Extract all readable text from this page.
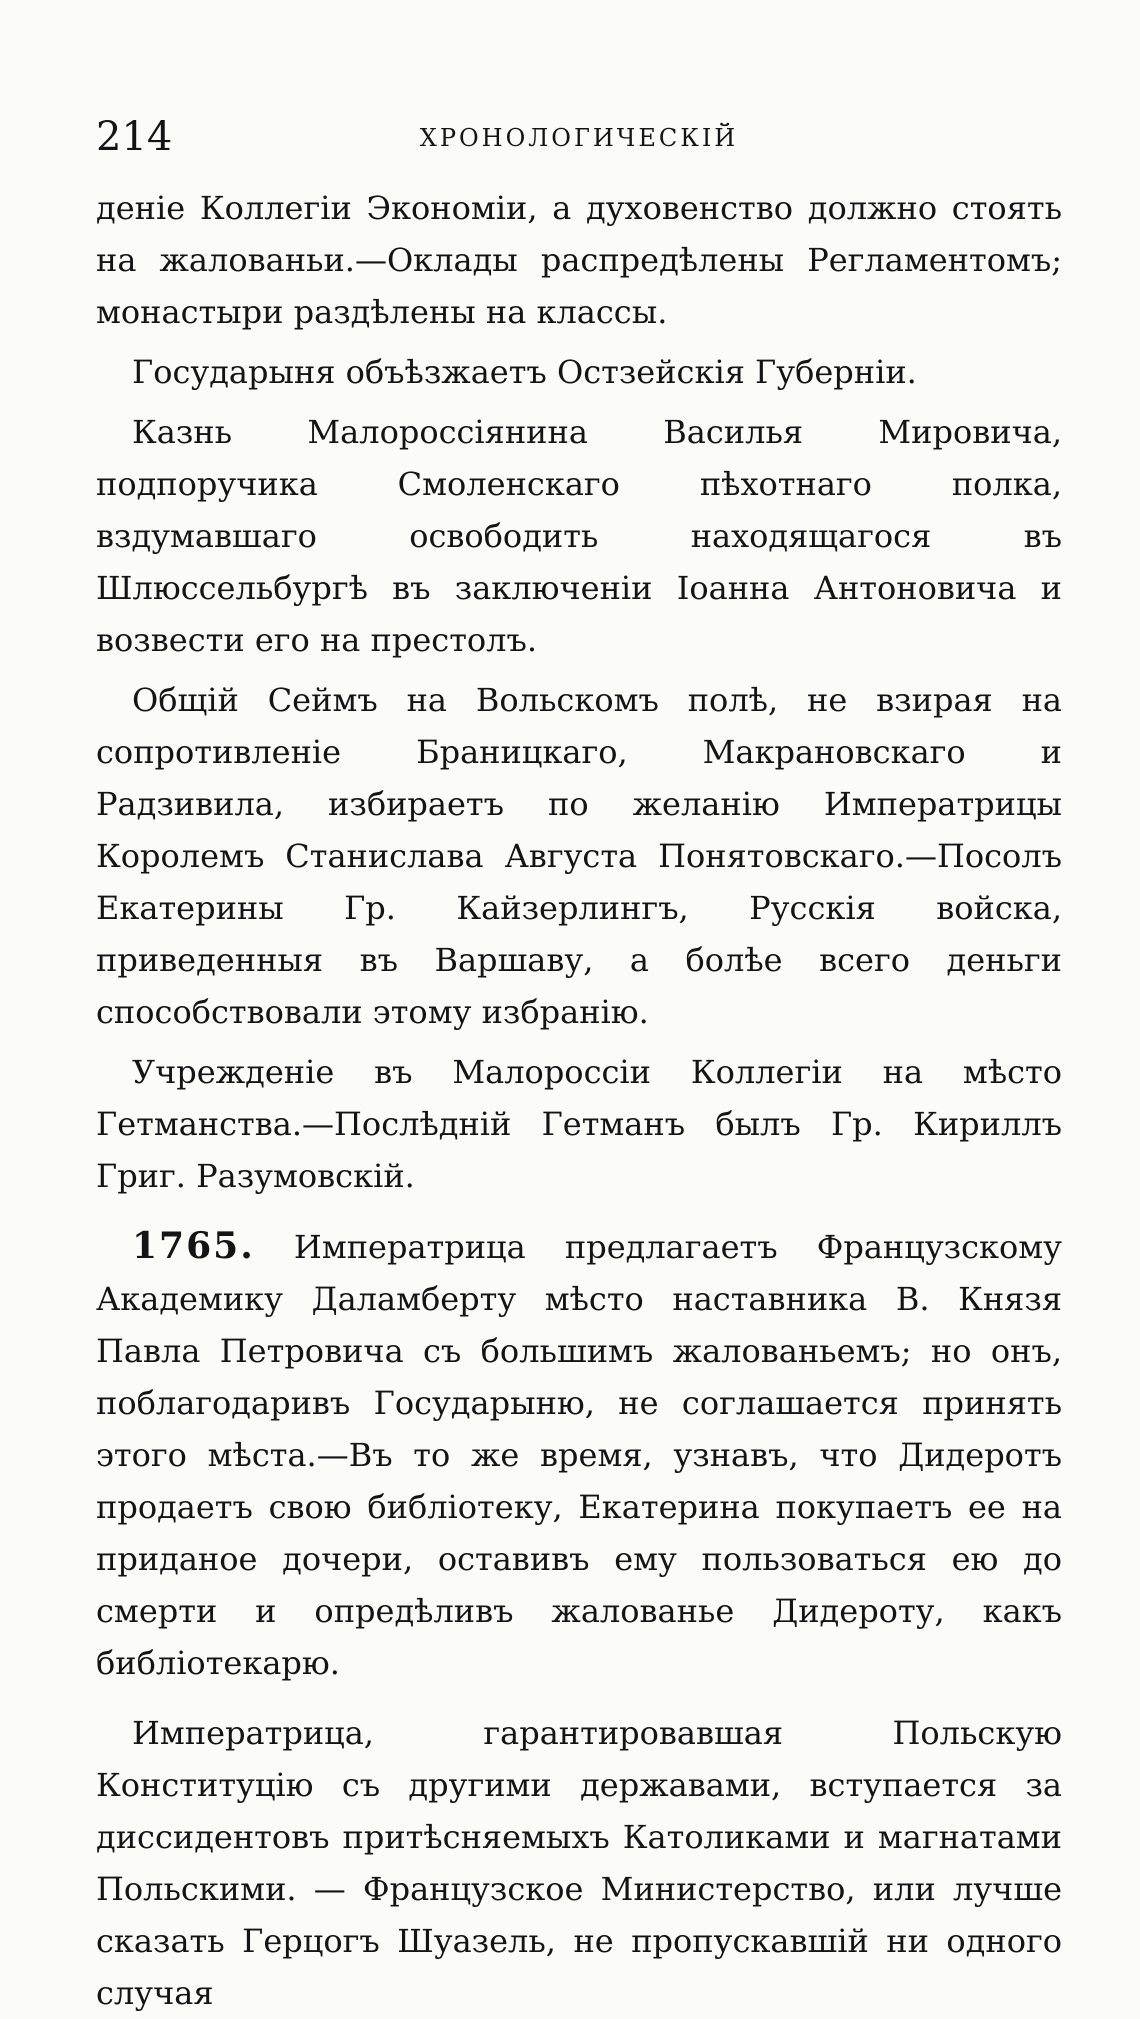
214	ХРОНОЛОГИЧЕСКІЙ

деніе Коллегіи Экономіи, а духовенство должно стоять на жалованьи.—Оклады распредѣлены Регламентомъ; монастыри раздѣлены на классы.

Государыня объѣзжаетъ Остзейскія Губерніи.

Казнь Малороссіянина Василья Мировича, подпоручика Смоленскаго пѣхотнаго полка, вздумавшаго освободить находящагося въ Шлюссельбургѣ въ заключеніи Іоанна Антоновича и возвести его на престолъ.

Общій Сеймъ на Вольскомъ полѣ, не взирая на сопротивленіе Браницкаго, Макрановскаго и Радзивила, избираетъ по желанію Императрицы Королемъ Станислава Августа Понятовскаго.—Посолъ Екатерины Гр. Кайзерлингъ, Русскія войска, приведенныя въ Варшаву, а болѣе всего деньги способствовали этому избранію.

Учрежденіе въ Малороссіи Коллегіи на мѣсто Гетманства.—Послѣдній Гетманъ былъ Гр. Кириллъ Григ. Разумовскій.

1765. Императрица предлагаетъ Французскому Академику Даламберту мѣсто наставника В. Князя Павла Петровича съ большимъ жалованьемъ; но онъ, поблагодаривъ Государыню, не соглашается принять этого мѣста.—Въ то же время, узнавъ, что Дидеротъ продаетъ свою библіотеку, Екатерина покупаетъ ее на приданое дочери, оставивъ ему пользоваться ею до смерти и опредѣливъ жалованье Дидероту, какъ библіотекарю.

Императрица, гарантировавшая Польскую Конституцію съ другими державами, вступается за диссидентовъ притѣсняемыхъ Католиками и магнатами Польскими. — Французское Министерство, или лучше сказать Герцогъ Шуазель, не пропускавшій ни одного случая
